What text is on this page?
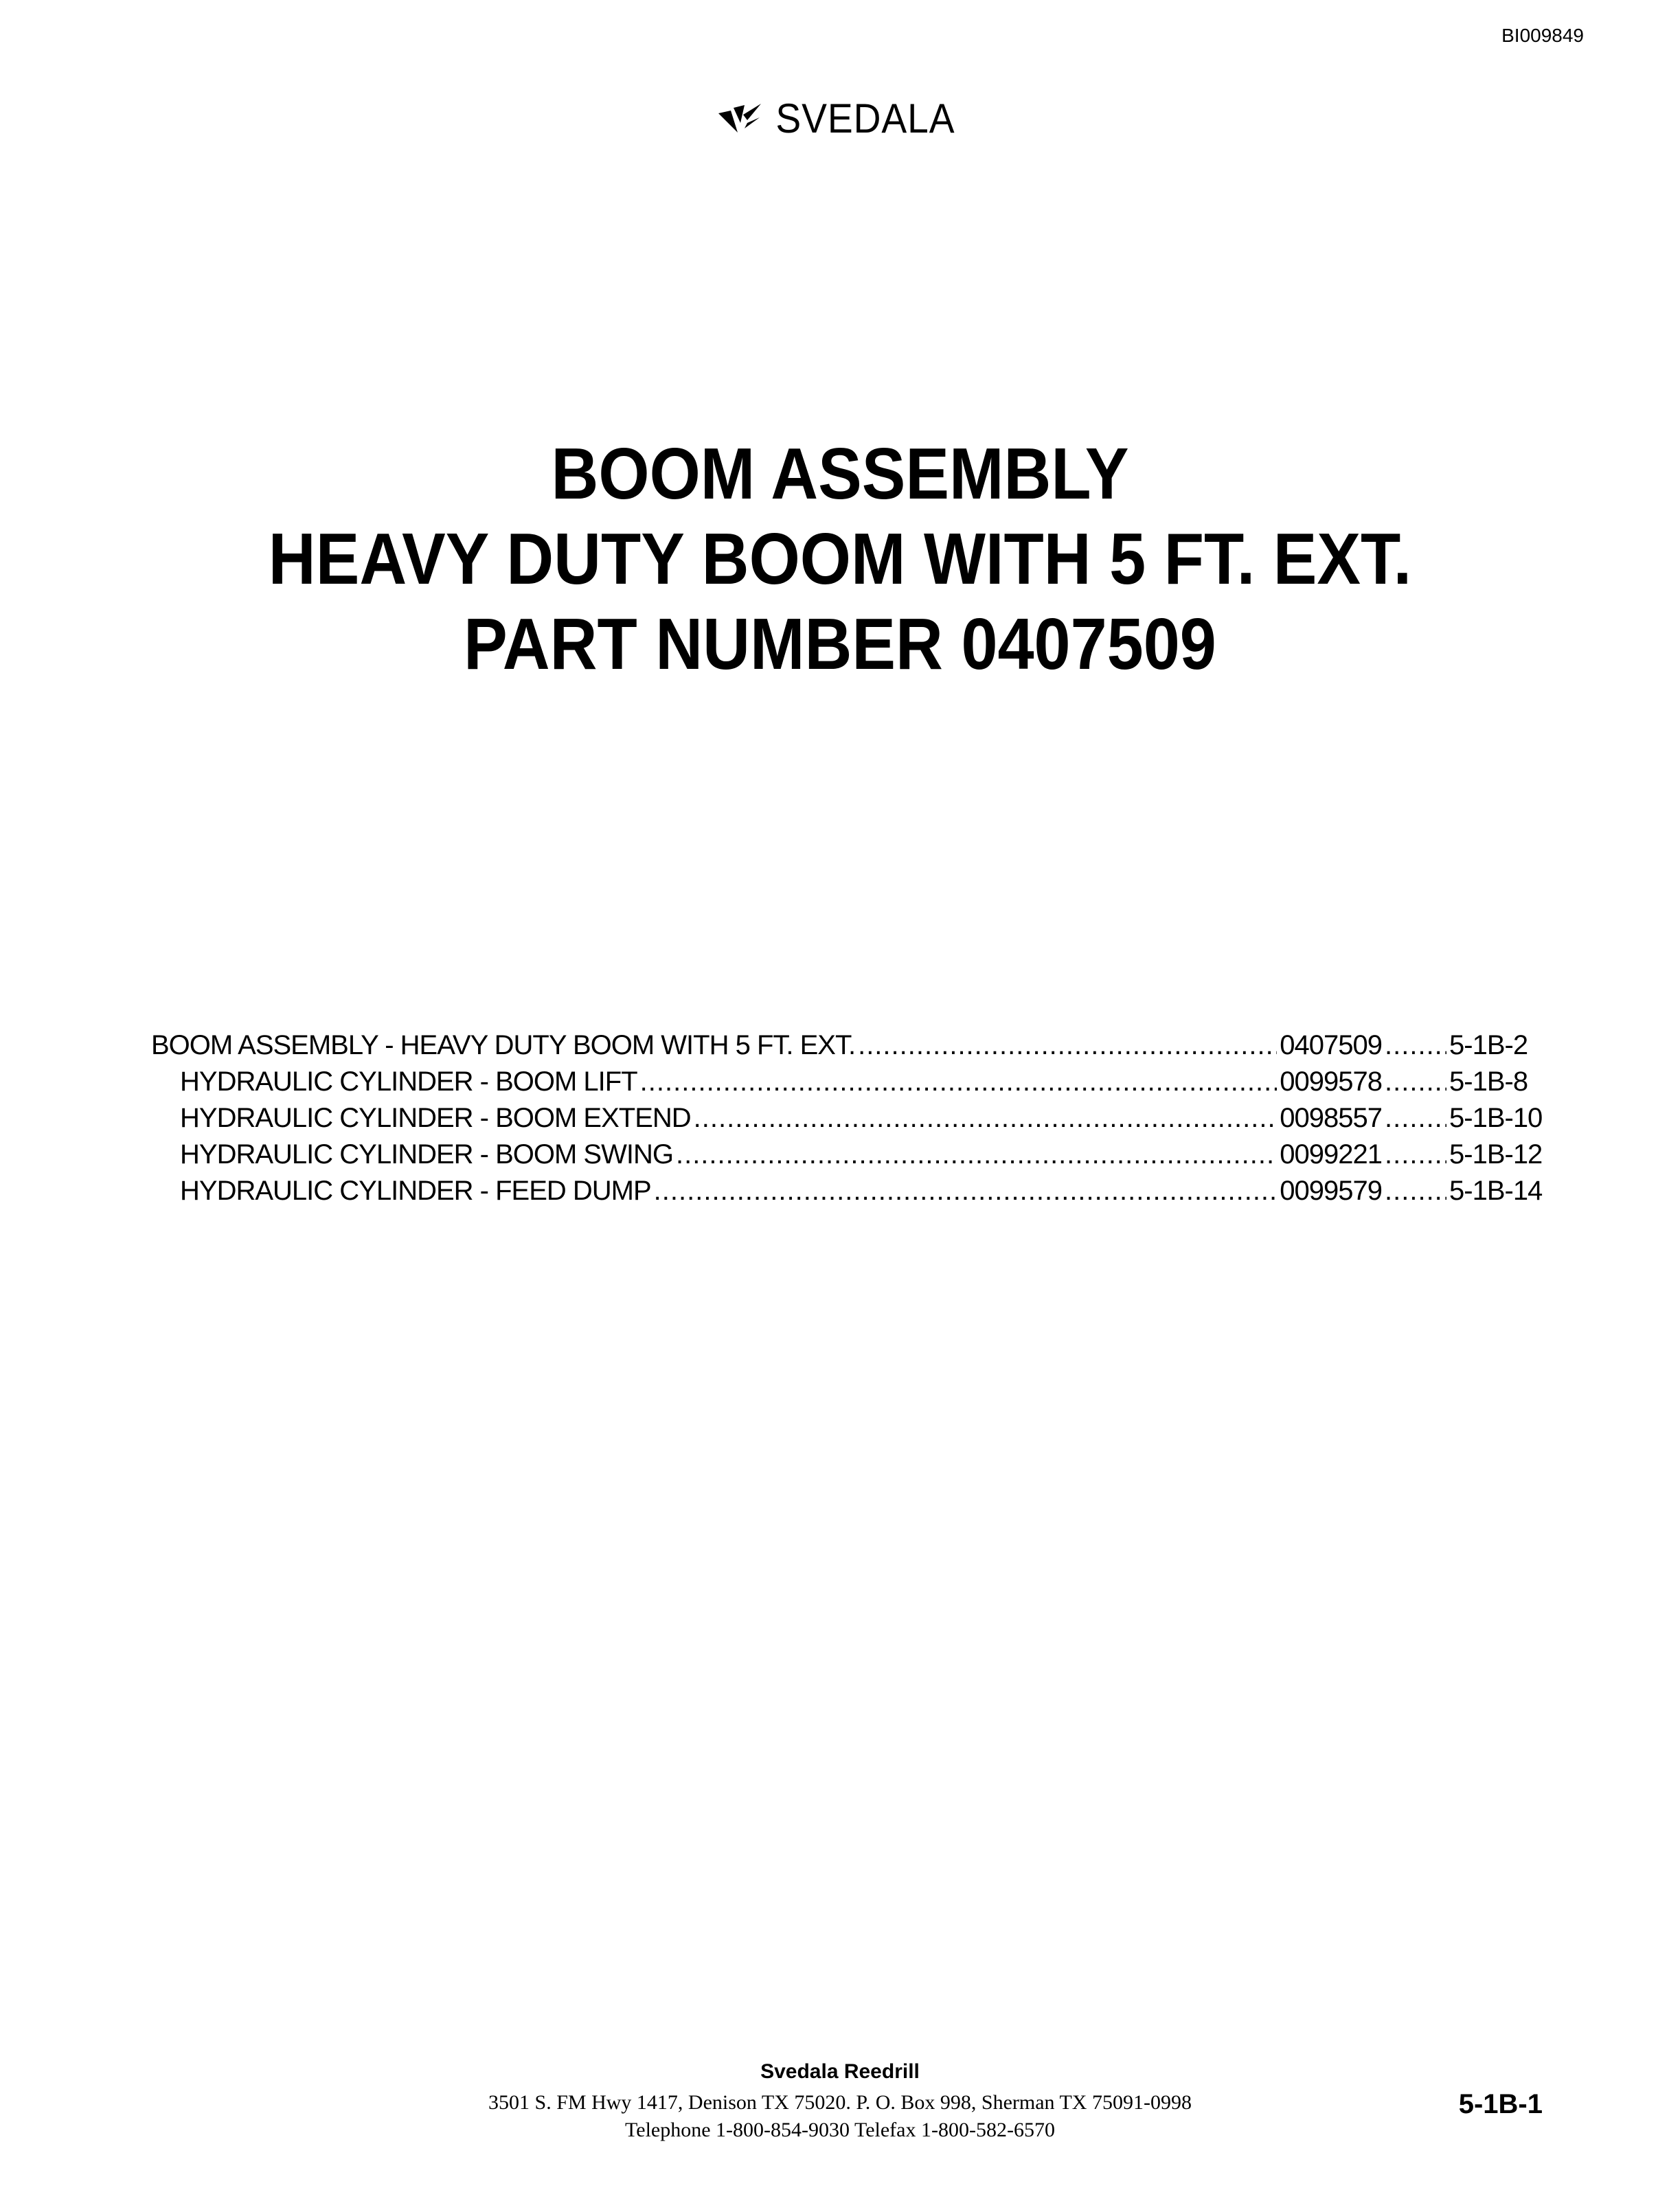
BI009849
SVEDALA
BOOM ASSEMBLY
HEAVY DUTY BOOM WITH 5 FT. EXT.
PART NUMBER 0407509
BOOM ASSEMBLY - HEAVY DUTY BOOM WITH 5 FT. EXT. .....	0407509 ..... 5-1B-2
HYDRAULIC CYLINDER - BOOM LIFT .....	0099578 ..... 5-1B-8
HYDRAULIC CYLINDER - BOOM EXTEND .....	0098557 ..... 5-1B-10
HYDRAULIC CYLINDER - BOOM SWING .....	0099221 ..... 5-1B-12
HYDRAULIC CYLINDER - FEED DUMP .....	0099579 ..... 5-1B-14
Svedala Reedrill
3501 S. FM Hwy 1417, Denison TX 75020. P. O. Box 998, Sherman TX 75091-0998
Telephone 1-800-854-9030 Telefax 1-800-582-6570
5-1B-1
